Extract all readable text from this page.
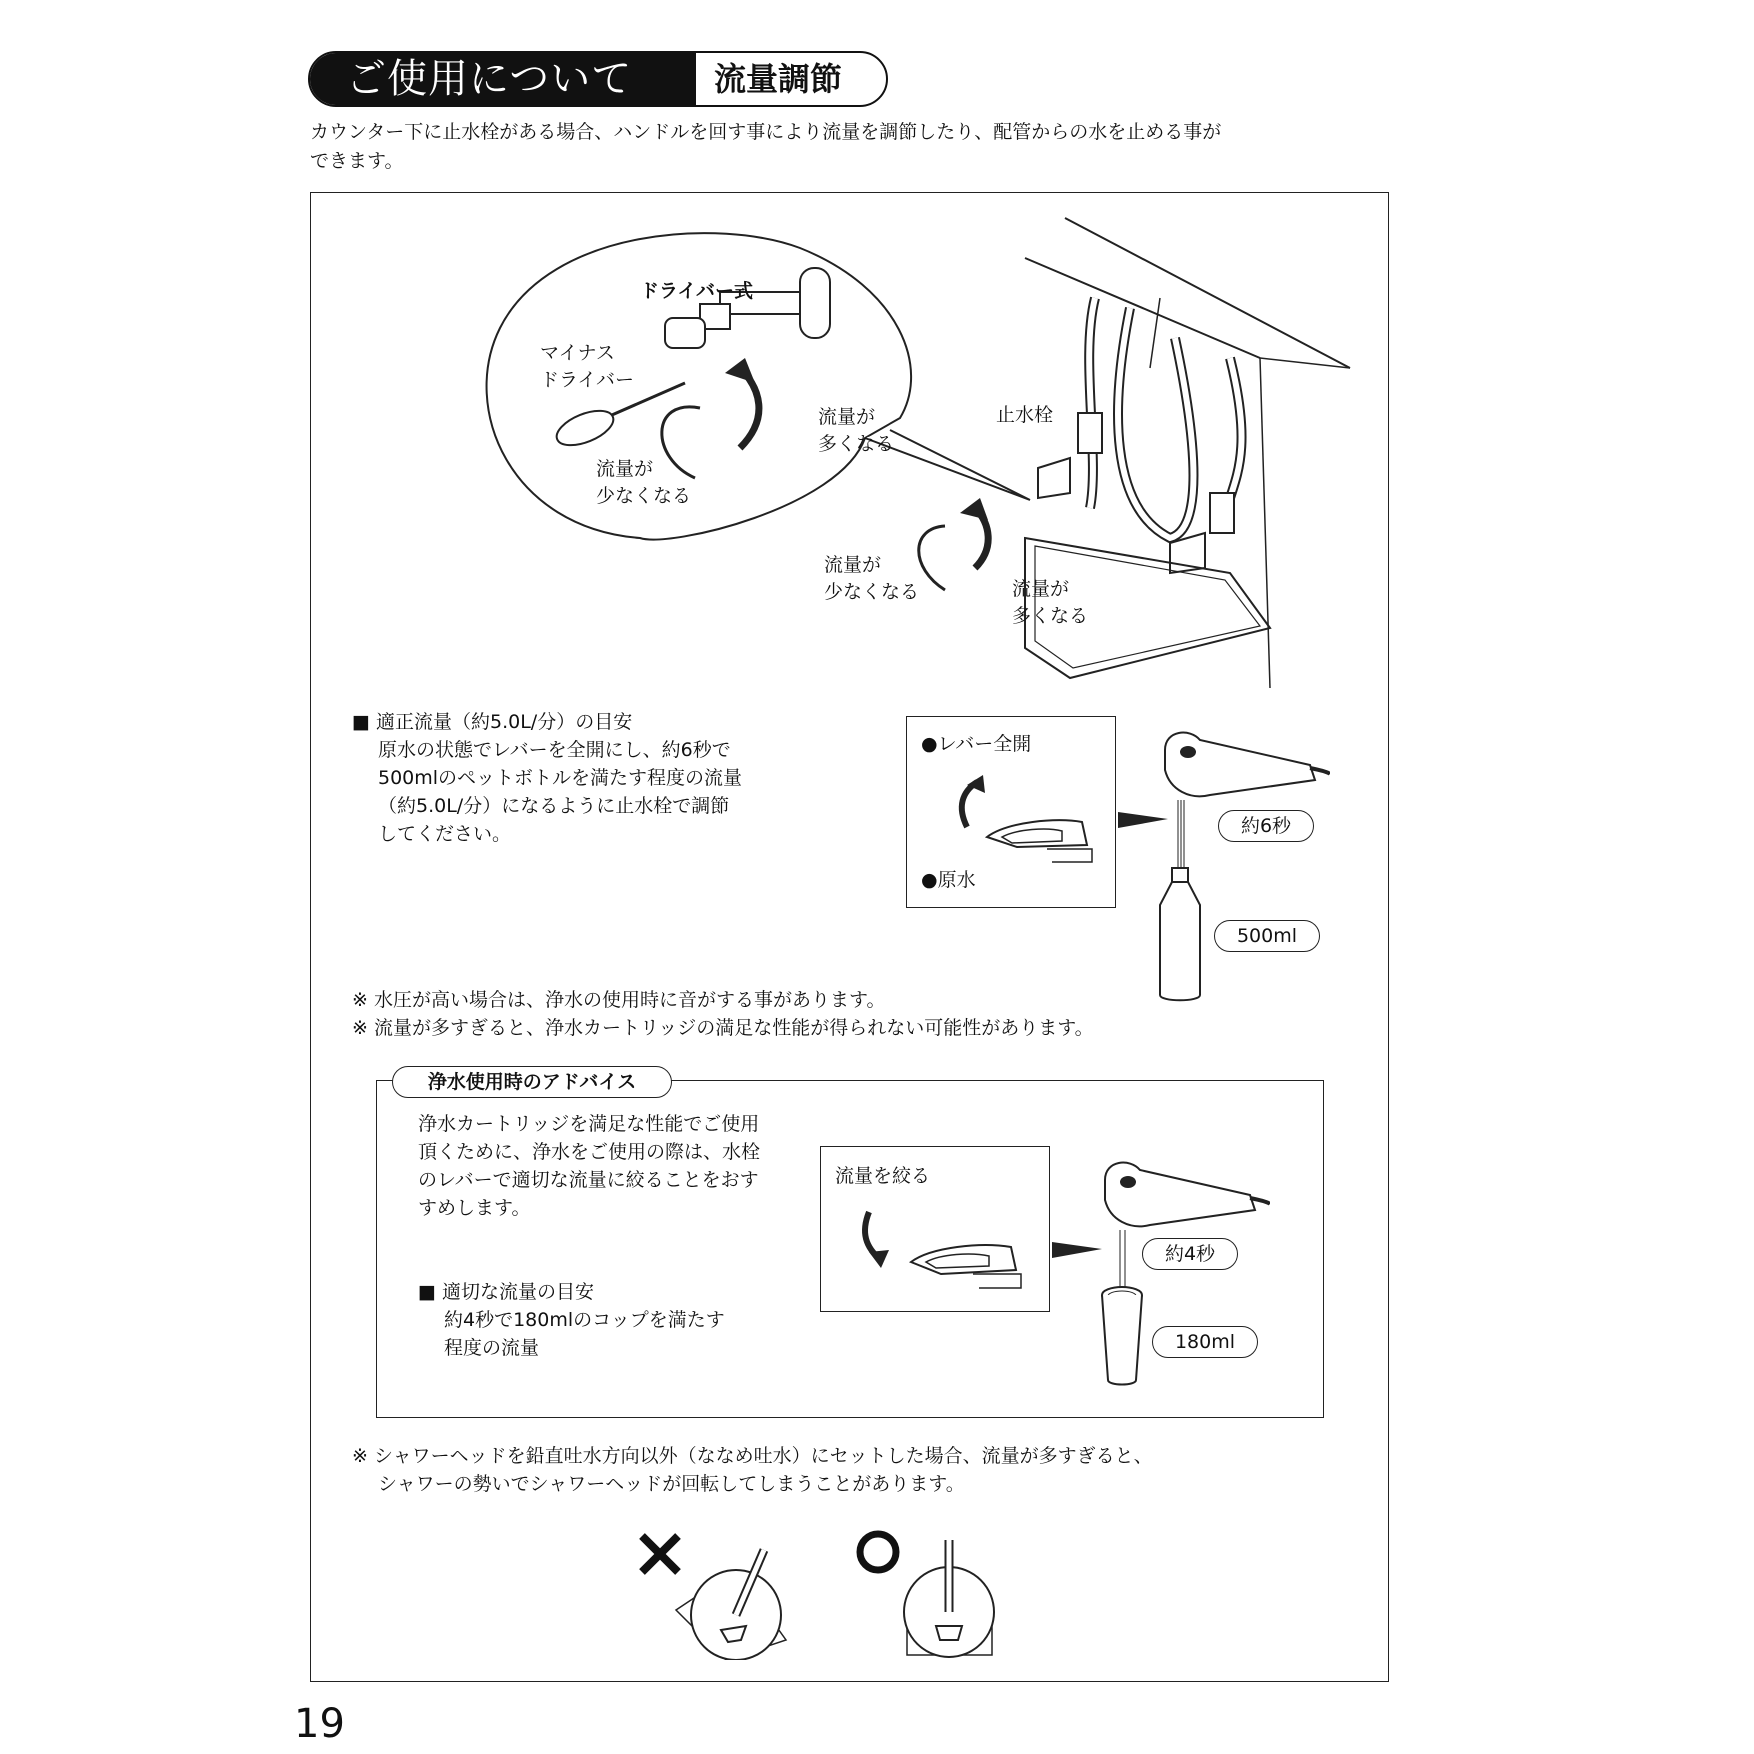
ご使用について	流量調節
カウンター下に止水栓がある場合、ハンドルを回す事により流量を調節したり、配管からの水を止める事が
できます。
ドライバー式
マイナス
ドライバー
流量が
多くなる
流量が
少なくなる
止水栓
流量が
少なくなる	流量が
多くなる
■ 適正流量（約5.0L/分）の目安
原水の状態でレバーを全開にし、約6秒で
500mlのペットボトルを満たす程度の流量
（約5.0L/分）になるように止水栓で調節
してください。
●レバー全開
●原水
約6秒
500ml
※ 水圧が高い場合は、浄水の使用時に音がする事があります。
※ 流量が多すぎると、浄水カートリッジの満足な性能が得られない可能性があります。
浄水使用時のアドバイス
浄水カートリッジを満足な性能でご使用
頂くために、浄水をご使用の際は、水栓
のレバーで適切な流量に絞ることをおす
すめします。
■ 適切な流量の目安
約4秒で180mlのコップを満たす
程度の流量
流量を絞る
約4秒
180ml
※ シャワーヘッドを鉛直吐水方向以外（ななめ吐水）にセットした場合、流量が多すぎると、
シャワーの勢いでシャワーヘッドが回転してしまうことがあります。
19
